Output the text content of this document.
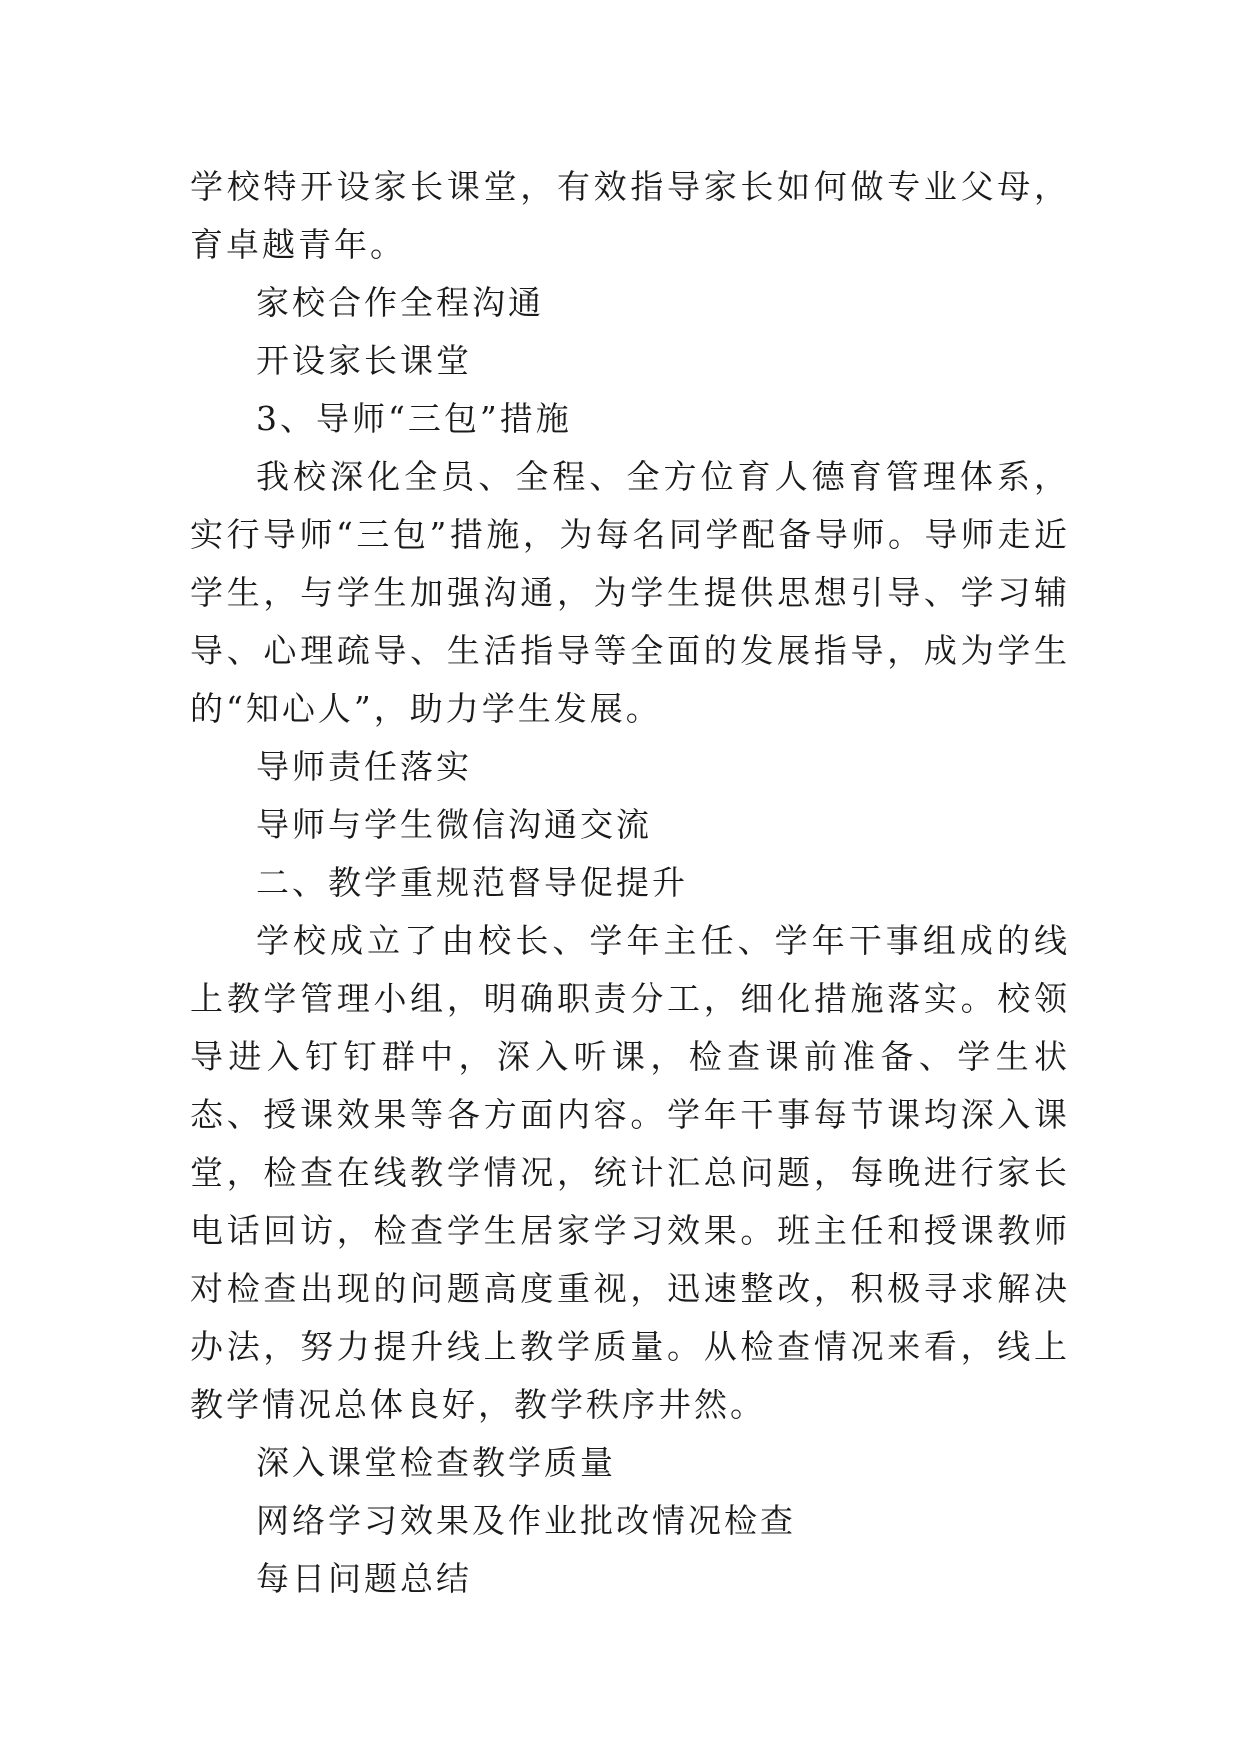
学校特开设家长课堂，有效指导家长如何做专业父母，育卓越青年。

家校合作全程沟通

开设家长课堂

3、导师“三包”措施

我校深化全员、全程、全方位育人德育管理体系，实行导师“三包”措施，为每名同学配备导师。导师走近学生，与学生加强沟通，为学生提供思想引导、学习辅导、心理疏导、生活指导等全面的发展指导，成为学生的“知心人”，助力学生发展。

导师责任落实

导师与学生微信沟通交流

二、教学重规范督导促提升

学校成立了由校长、学年主任、学年干事组成的线上教学管理小组，明确职责分工，细化措施落实。校领导进入钉钉群中，深入听课，检查课前准备、学生状态、授课效果等各方面内容。学年干事每节课均深入课堂，检查在线教学情况，统计汇总问题，每晚进行家长电话回访，检查学生居家学习效果。班主任和授课教师对检查出现的问题高度重视，迅速整改，积极寻求解决办法，努力提升线上教学质量。从检查情况来看，线上教学情况总体良好，教学秩序井然。

深入课堂检查教学质量

网络学习效果及作业批改情况检查

每日问题总结
